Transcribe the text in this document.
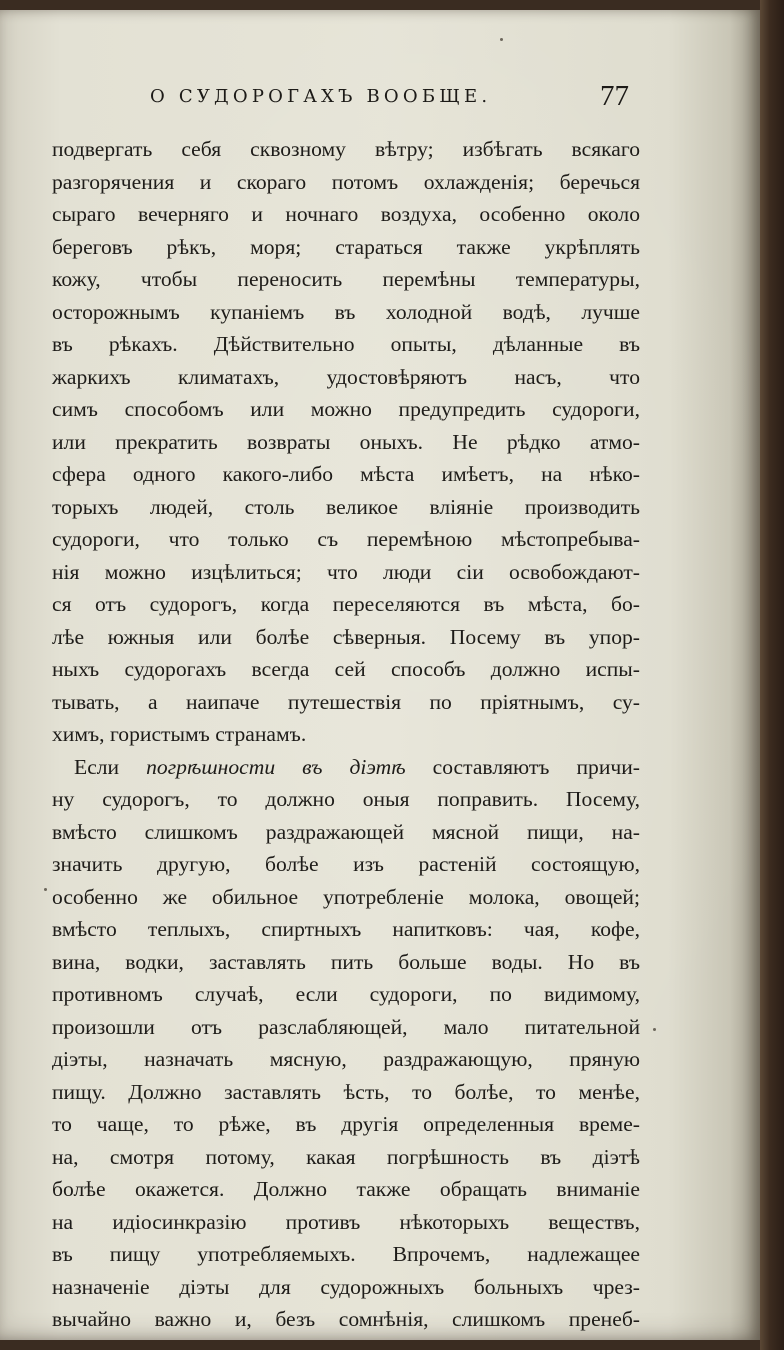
О СУДОРОГАХЪ ВООБЩЕ.	77
подвергать себя сквозному вѣтру; избѣгать всякаго
разгорячения и скораго потомъ охлажденія; беречься
сыраго вечерняго и ночнаго воздуха, особенно около
береговъ рѣкъ, моря; стараться также укрѣплять
кожу, чтобы переносить перемѣны температуры,
осторожнымъ купаніемъ въ холодной водѣ, лучше
въ рѣкахъ. Дѣйствительно опыты, дѣланные въ
жаркихъ климатахъ, удостовѣряютъ насъ, что
симъ способомъ или можно предупредить судороги,
или прекратить возвраты оныхъ. Не рѣдко атмо-
сфера одного какого-либо мѣста имѣетъ, на нѣко-
торыхъ людей, столь великое вліяніе производить
судороги, что только съ перемѣною мѣстопребыва-
нія можно изцѣлиться; что люди сіи освобождают-
ся отъ судорогъ, когда переселяются въ мѣста, бо-
лѣе южныя или болѣе сѣверныя. Посему въ упор-
ныхъ судорогахъ всегда сей способъ должно испы-
тывать, а наипаче путешествія по пріятнымъ, су-
химъ, гористымъ странамъ.
Если погрѣшности въ діэтѣ составляютъ причи-
ну судорогъ, то должно оныя поправить. Посему,
вмѣсто слишкомъ раздражающей мясной пищи, на-
значить другую, болѣе изъ растеній состоящую,
особенно же обильное употребленіе молока, овощей;
вмѣсто теплыхъ, спиртныхъ напитковъ: чая, кофе,
вина, водки, заставлять пить больше воды. Но въ
противномъ случаѣ, если судороги, по видимому,
произошли отъ разслабляющей, мало питательной
діэты, назначать мясную, раздражающую, пряную
пищу. Должно заставлять ѣсть, то болѣе, то менѣе,
то чаще, то рѣже, въ другія определенныя време-
на, смотря потому, какая погрѣшность въ діэтѣ
болѣе окажется. Должно также обращать вниманіе
на идіосинкразію противъ нѣкоторыхъ веществъ,
въ пищу употребляемыхъ. Впрочемъ, надлежащее
назначеніе діэты для судорожныхъ больныхъ чрез-
вычайно важно и, безъ сомнѣнія, слишкомъ пренеб-
